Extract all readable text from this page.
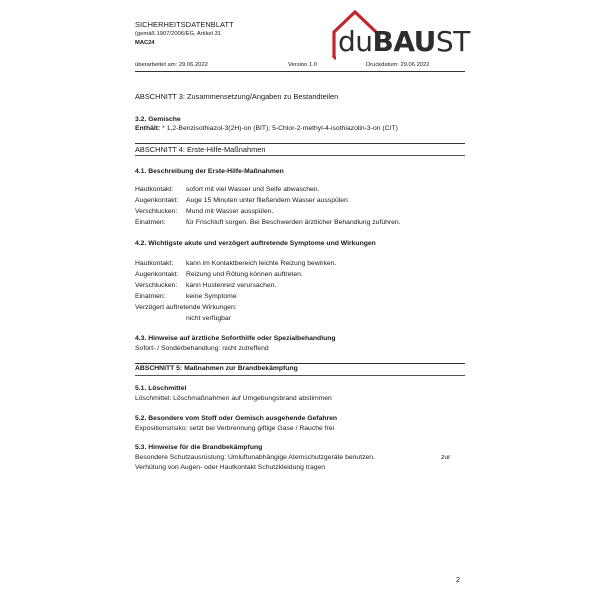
SICHERHEITSDATENBLATT
(gemäß 1907/2006/EG, Artikel 31
MAC24	duBAUST
überarbeitet am: 29.06.2022	Version 1.0	Druckdatum: 29.06.2022
ABSCHNITT 3: Zusammensetzung/Angaben zu Bestandteilen
3.2. Gemische
Enthält: * 1,2-Benzisothiazol-3(2H)-on (BIT); 5-Chlor-2-methyl-4-isothiazolin-3-on (CIT)
ABSCHNITT 4: Erste-Hilfe-Maßnahmen
4.1. Beschreibung der Erste-Hilfe-Maßnahmen
Hautkontakt: sofort mit viel Wasser und Seife abwaschen.
Augenkontakt: Auge 15 Minuten unter fließendem Wasser ausspülen.
Verschlucken: Mund mit Wasser ausspülen.
Einatmen:	für Frischluft sorgen. Bei Beschwerden ärztlicher Behandlung zuführen.
4.2. Wichtigste akute und verzögert auftretende Symptome und Wirkungen
Hautkontakt: kann im Kontaktbereich leichte Reizung bewirken.
Augenkontakt: Reizung und Rötung können auftreten.
Verschlucken: kann Hustenreiz verursachen.
Einatmen:	keine Symptome
Verzögert auftretende Wirkungen:
nicht verfügbar
4.3. Hinweise auf ärztliche Soforthilfe oder Spezialbehandlung
Sofort- / Sonderbehandlung: nicht zutreffend
ABSCHNITT 5: Maßnahmen zur Brandbekämpfung
5.1. Löschmittel
Löschmittel: Löschmaßnahmen auf Umgebungsbrand abstimmen
5.2. Besondere vom Stoff oder Gemisch ausgehende Gefahren
Expositionsrisiko: setzt bei Verbrennung giftige Gase / Rauche frei
5.3. Hinweise für die Brandbekämpfung
Besondere Schutzausrüstung: Umluftunabhängige Atemschutzgeräte benutzen.	zur
Verhütung von Augen- oder Hautkontakt Schutzkleidung tragen
2
